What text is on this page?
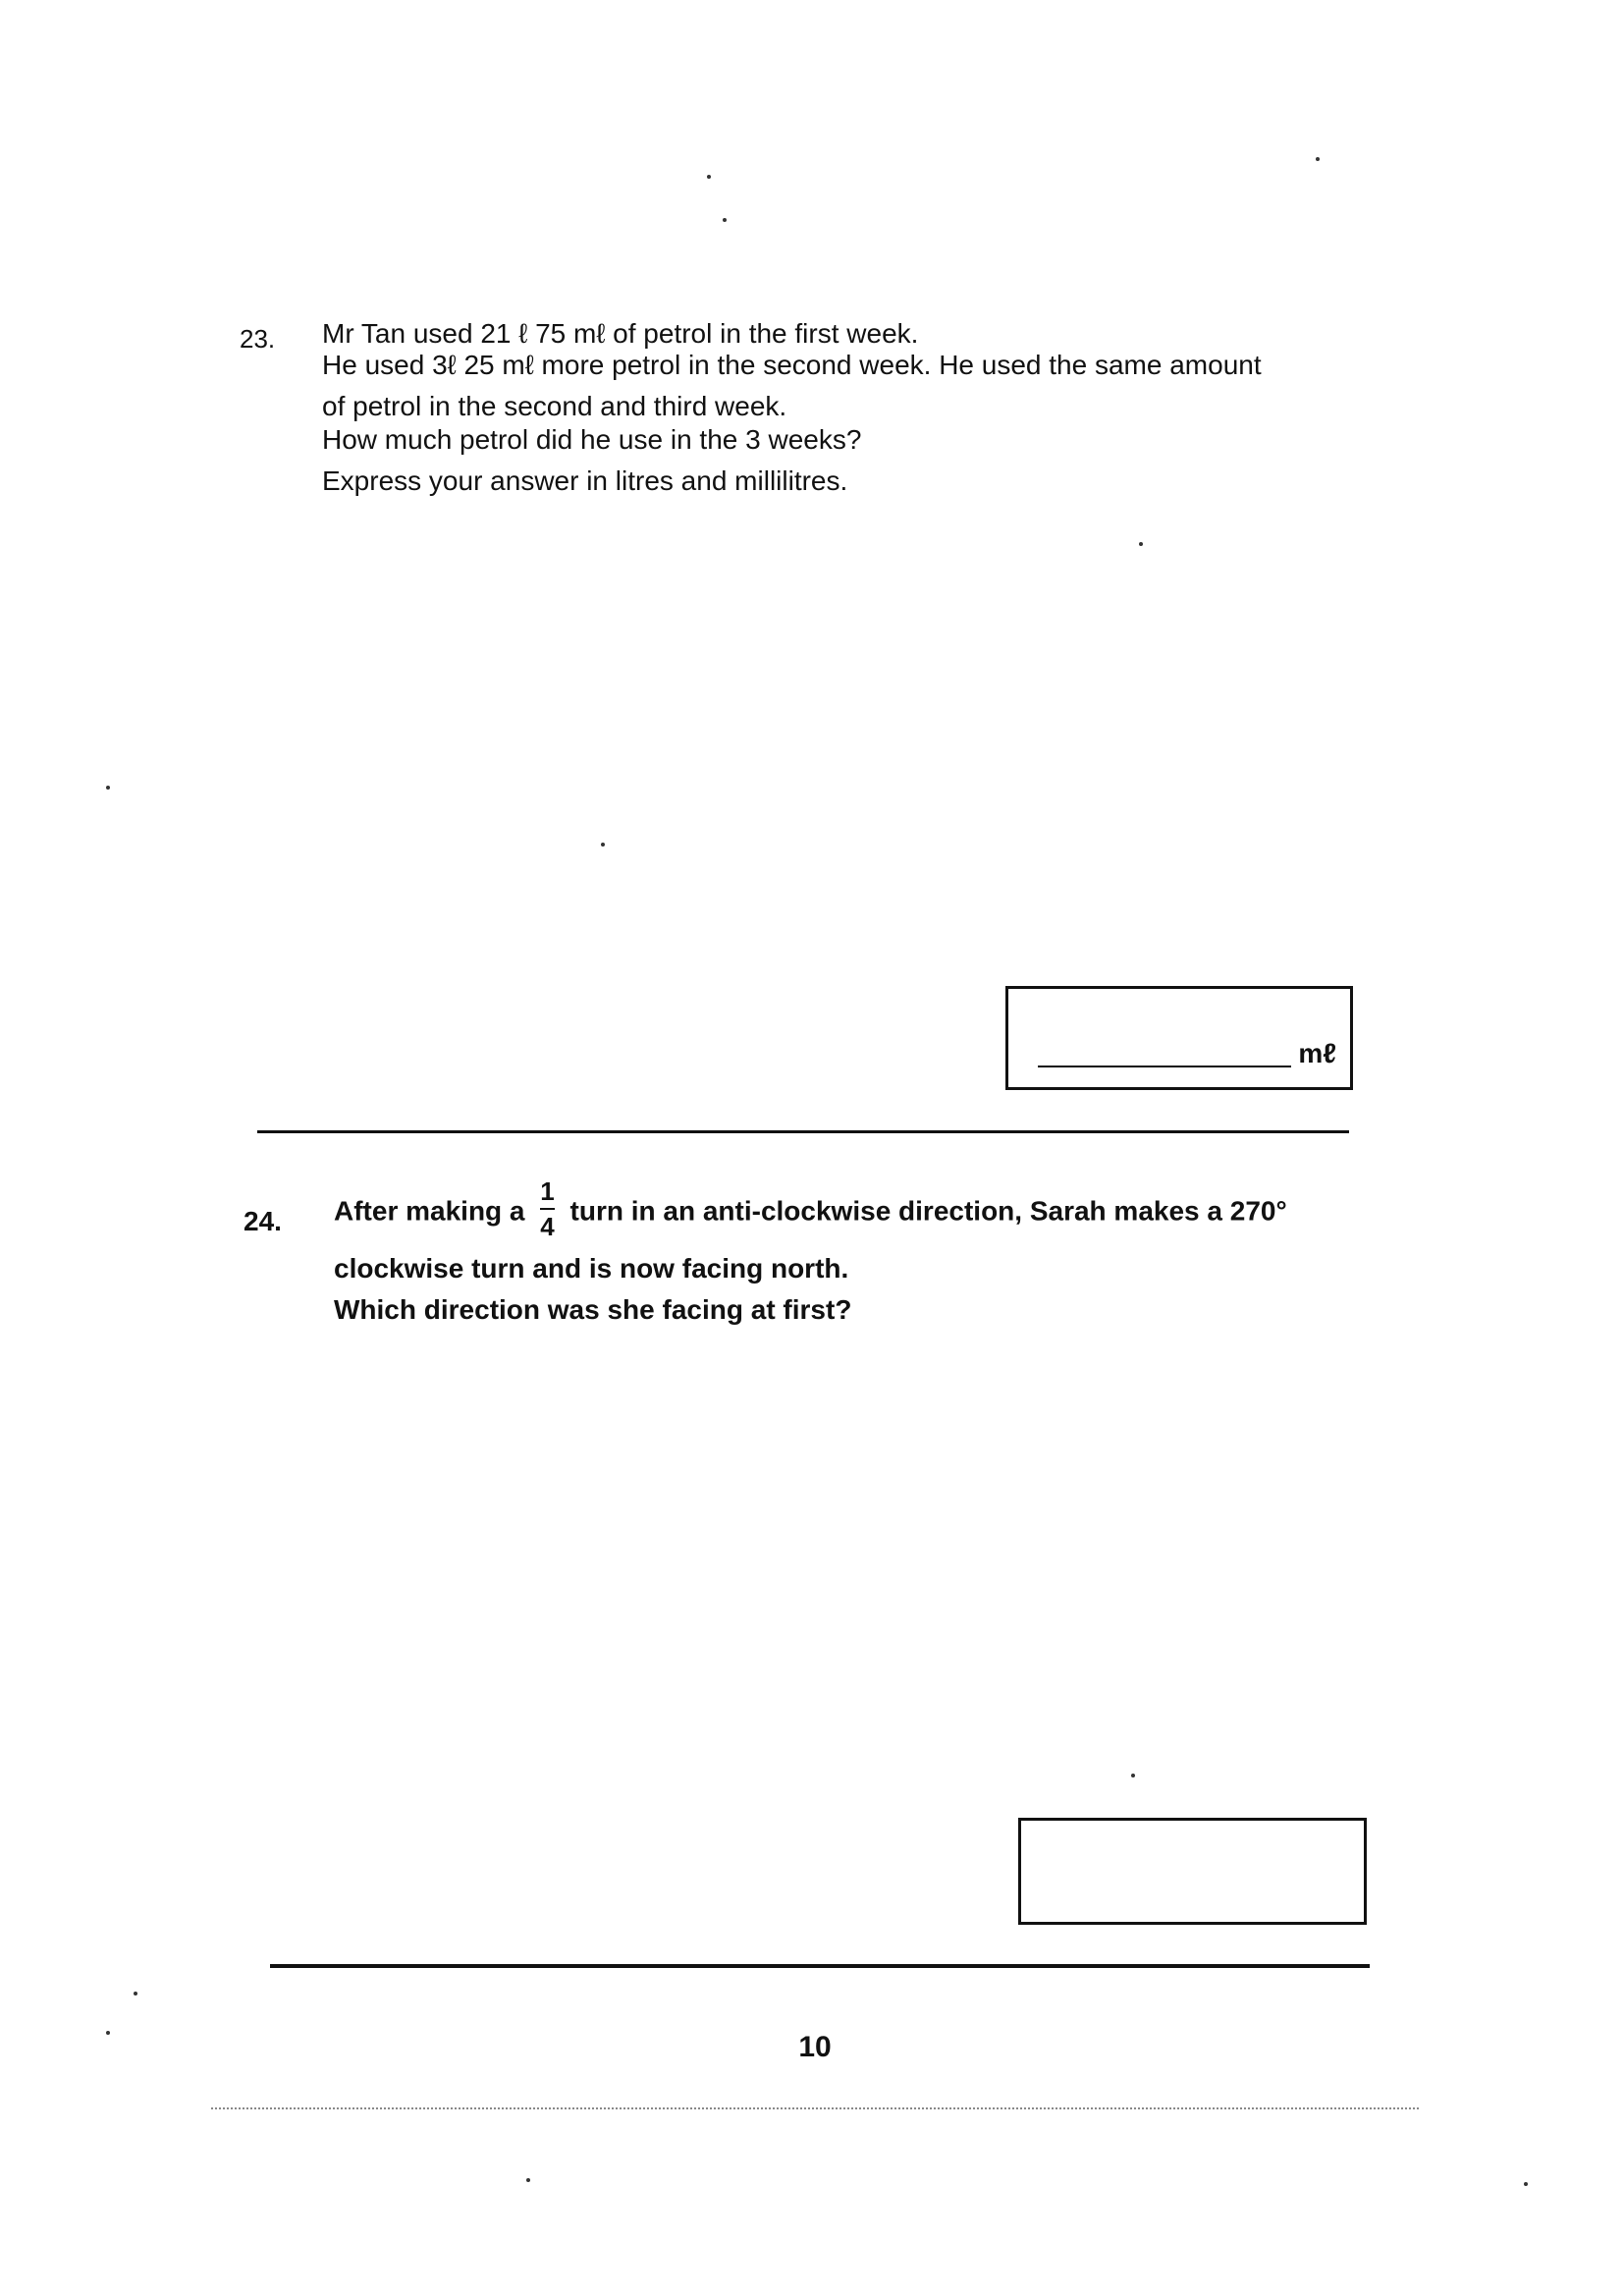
23. Mr Tan used 21 ℓ 75 mℓ of petrol in the first week.
He used 3ℓ 25 mℓ more petrol in the second week. He used the same amount
of petrol in the second and third week.
How much petrol did he use in the 3 weeks?
Express your answer in litres and millilitres.
mℓ
24. After making a $\frac{1}{4}$ turn in an anti-clockwise direction, Sarah makes a 270°
clockwise turn and is now facing north.
Which direction was she facing at first?
10
